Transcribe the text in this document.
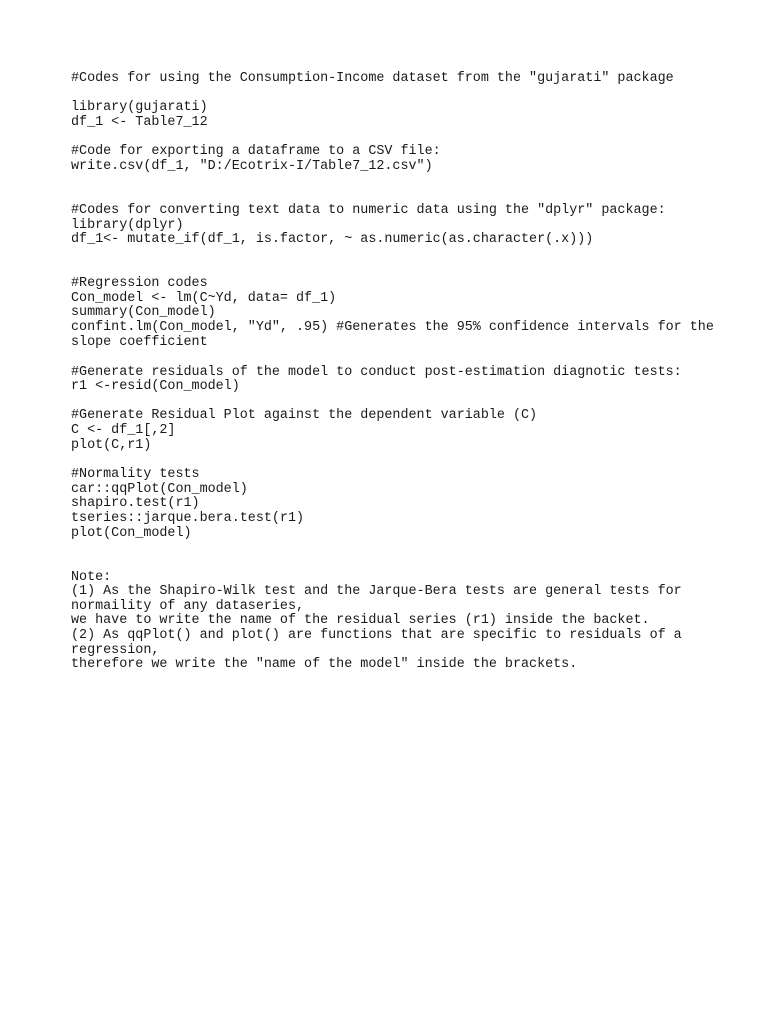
#Codes for using the Consumption-Income dataset from the "gujarati" package

library(gujarati)

df_1 <- Table7_12

#Code for exporting a dataframe to a CSV file:

write.csv(df_1, "D:/Ecotrix-I/Table7_12.csv")

#Codes for converting text data to numeric data using the "dplyr" package:

library(dplyr)

df_1<- mutate_if(df_1, is.factor, ~ as.numeric(as.character(.x)))

#Regression codes

Con_model <- lm(C~Yd, data= df_1)

summary(Con_model)

confint.lm(Con_model, "Yd", .95) #Generates the 95% confidence intervals for the

slope coefficient

#Generate residuals of the model to conduct post-estimation diagnotic tests:

r1 <-resid(Con_model)

#Generate Residual Plot against the dependent variable (C)

C <- df_1[,2]

plot(C,r1)

#Normality tests

car::qqPlot(Con_model)

shapiro.test(r1)

tseries::jarque.bera.test(r1)

plot(Con_model)

Note:

(1) As the Shapiro-Wilk test and the Jarque-Bera tests are general tests for

normaility of any dataseries,

we have to write the name of the residual series (r1) inside the backet.

(2) As qqPlot() and plot() are functions that are specific to residuals of a

regression,

therefore we write the "name of the model" inside the brackets.
